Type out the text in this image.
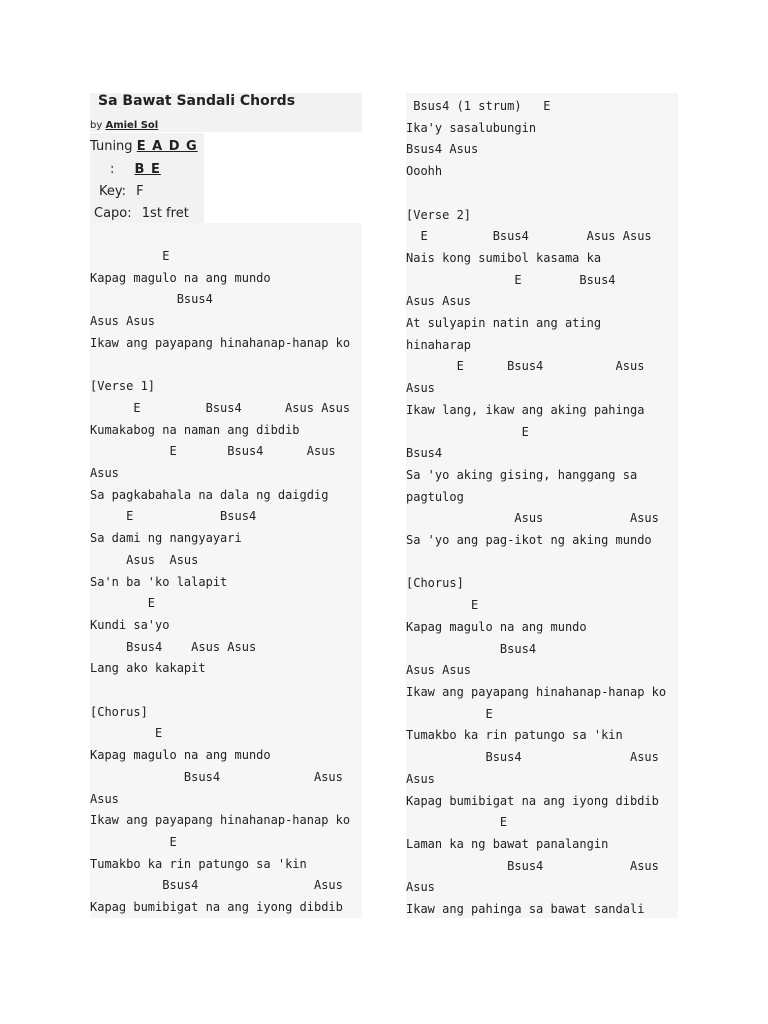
Sa Bawat Sandali Chords
by Amiel Sol
Tuning E A D G
: B E
Key: F
Capo: 1st fret
E
Kapag magulo na ang mundo
Bsus4
Asus Asus
Ikaw ang payapang hinahanap-hanap ko

[Verse 1]
E         Bsus4      Asus Asus
Kumakabog na naman ang dibdib
E       Bsus4      Asus
Asus
Sa pagkabahala na dala ng daigdig
E            Bsus4
Sa dami ng nangyayari
Asus  Asus
Sa'n ba 'ko lalapit
E
Kundi sa'yo
Bsus4    Asus Asus
Lang ako kakapit

[Chorus]
E
Kapag magulo na ang mundo
Bsus4             Asus
Asus
Ikaw ang payapang hinahanap-hanap ko
E
Tumakbo ka rin patungo sa 'kin
Bsus4                Asus
Kapag bumibigat na ang iyong dibdib
Bsus4 (1 strum)   E
Ika'y sasalubungin
Bsus4 Asus
Ooohh

[Verse 2]
E         Bsus4        Asus Asus
Nais kong sumibol kasama ka
E        Bsus4
Asus Asus
At sulyapin natin ang ating
hinaharap
E      Bsus4          Asus
Asus
Ikaw lang, ikaw ang aking pahinga
E
Bsus4
Sa 'yo aking gising, hanggang sa
pagtulog
Asus            Asus
Sa 'yo ang pag-ikot ng aking mundo

[Chorus]
E
Kapag magulo na ang mundo
Bsus4
Asus Asus
Ikaw ang payapang hinahanap-hanap ko
E
Tumakbo ka rin patungo sa 'kin
Bsus4               Asus
Asus
Kapag bumibigat na ang iyong dibdib
E
Laman ka ng bawat panalangin
Bsus4            Asus
Asus
Ikaw ang pahinga sa bawat sandali
